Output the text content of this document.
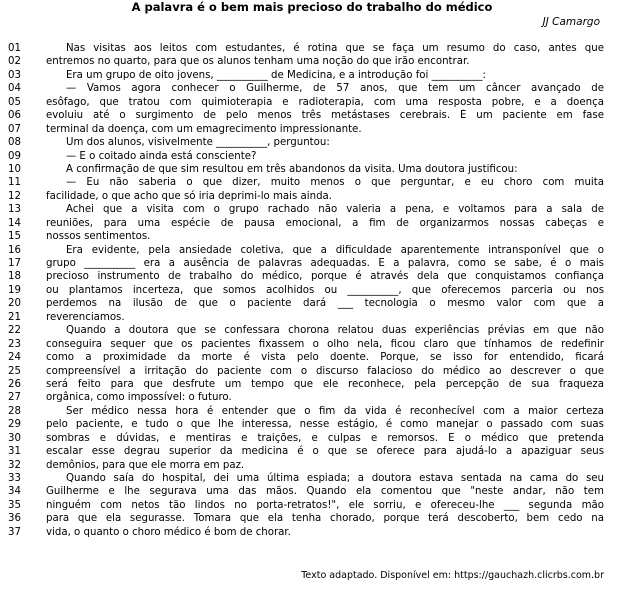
A palavra é o bem mais precioso do trabalho do médico
JJ Camargo
01	Nas visitas aos leitos com estudantes, é rotina que se faça um resumo do caso, antes que
02	entremos no quarto, para que os alunos tenham uma noção do que irão encontrar.
03	Era um grupo de oito jovens, __________ de Medicina, e a introdução foi __________:
04	— Vamos agora conhecer o Guilherme, de 57 anos, que tem um câncer avançado de
05	esôfago, que tratou com quimioterapia e radioterapia, com uma resposta pobre, e a doença
06	evoluiu até o surgimento de pelo menos três metástases cerebrais. É um paciente em fase
07	terminal da doença, com um emagrecimento impressionante.
08	Um dos alunos, visivelmente __________, perguntou:
09	— E o coitado ainda está consciente?
10	A confirmação de que sim resultou em três abandonos da visita. Uma doutora justificou:
11	— Eu não saberia o que dizer, muito menos o que perguntar, e eu choro com muita
12	facilidade, o que acho que só iria deprimi-lo mais ainda.
13	Achei que a visita com o grupo rachado não valeria a pena, e voltamos para a sala de
14	reuniões, para uma espécie de pausa emocional, a fim de organizarmos nossas cabeças e
15	nossos sentimentos.
16	Era evidente, pela ansiedade coletiva, que a dificuldade aparentemente intransponível que o
17	grupo __________ era a ausência de palavras adequadas. E a palavra, como se sabe, é o mais
18	precioso instrumento de trabalho do médico, porque é através dela que conquistamos confiança
19	ou plantamos incerteza, que somos acolhidos ou __________, que oferecemos parceria ou nos
20	perdemos na ilusão de que o paciente dará ___ tecnologia o mesmo valor com que a
21	reverenciamos.
22	Quando a doutora que se confessara chorona relatou duas experiências prévias em que não
23	conseguira sequer que os pacientes fixassem o olho nela, ficou claro que tínhamos de redefinir
24	como a proximidade da morte é vista pelo doente. Porque, se isso for entendido, ficará
25	compreensível a irritação do paciente com o discurso falacioso do médico ao descrever o que
26	será feito para que desfrute um tempo que ele reconhece, pela percepção de sua fraqueza
27	orgânica, como impossível: o futuro.
28	Ser médico nessa hora é entender que o fim da vida é reconhecível com a maior certeza
29	pelo paciente, e tudo o que lhe interessa, nesse estágio, é como manejar o passado com suas
30	sombras e dúvidas, e mentiras e traições, e culpas e remorsos. E o médico que pretenda
31	escalar esse degrau superior da medicina é o que se oferece para ajudá-lo a apaziguar seus
32	demônios, para que ele morra em paz.
33	Quando saía do hospital, dei uma última espiada; a doutora estava sentada na cama do seu
34	Guilherme e lhe segurava uma das mãos. Quando ela comentou que "neste andar, não tem
35	ninguém com netos tão lindos no porta-retratos!", ele sorriu, e ofereceu-lhe ___ segunda mão
36	para que ela segurasse. Tomara que ela tenha chorado, porque terá descoberto, bem cedo na
37	vida, o quanto o choro médico é bom de chorar.
Texto adaptado. Disponível em: https://gauchazh.clicrbs.com.br
